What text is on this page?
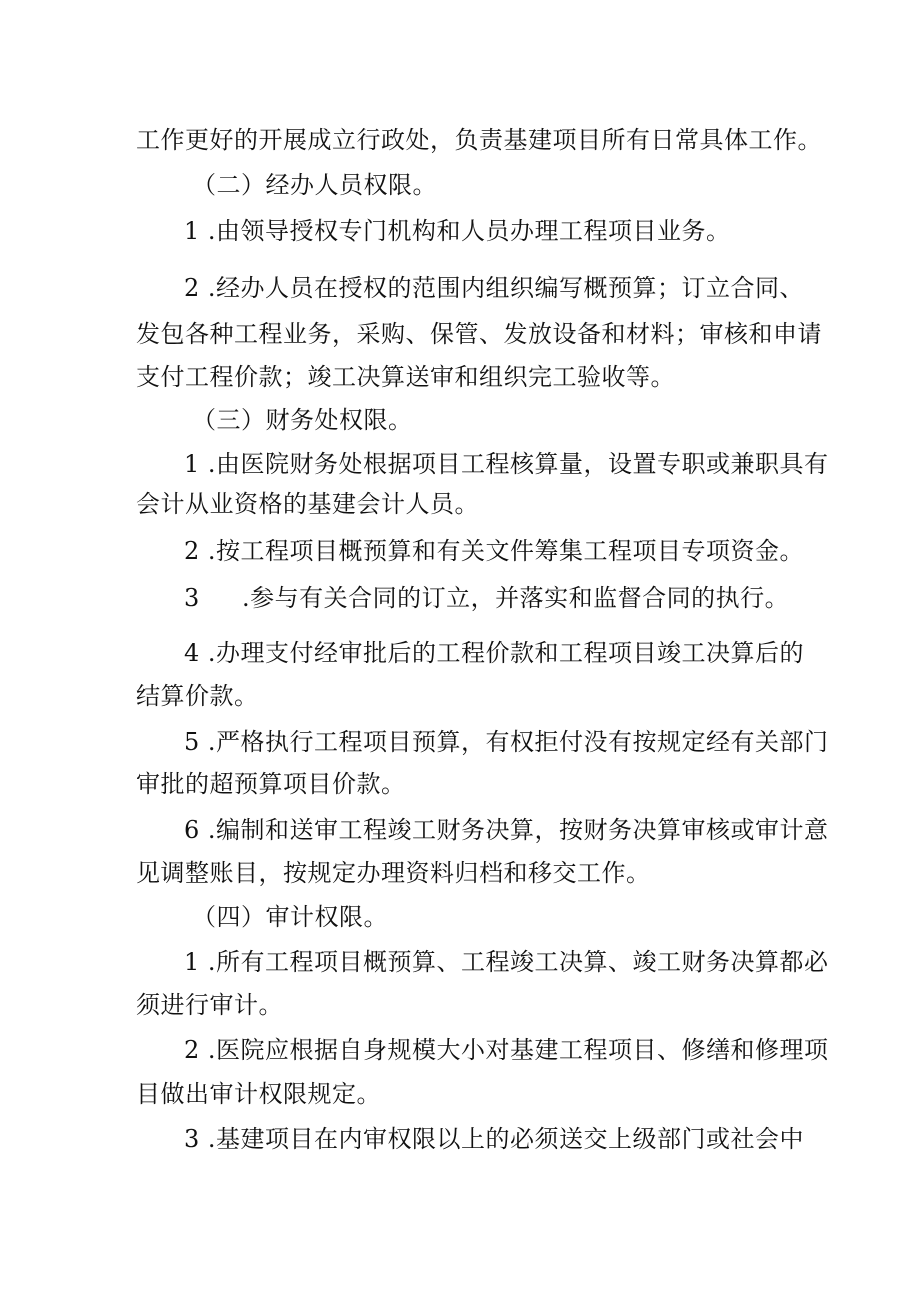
工作更好的开展成立行政处，负责基建项目所有日常具体工作。
（二）经办人员权限。
1 .由领导授权专门机构和人员办理工程项目业务。
2 .经办人员在授权的范围内组织编写概预算；订立合同、
发包各种工程业务，采购、保管、发放设备和材料；审核和申请
支付工程价款；竣工决算送审和组织完工验收等。
（三）财务处权限。
1 .由医院财务处根据项目工程核算量，设置专职或兼职具有
会计从业资格的基建会计人员。
2 .按工程项目概预算和有关文件筹集工程项目专项资金。
3 .参与有关合同的订立，并落实和监督合同的执行。
4 .办理支付经审批后的工程价款和工程项目竣工决算后的
结算价款。
5 .严格执行工程项目预算，有权拒付没有按规定经有关部门
审批的超预算项目价款。
6 .编制和送审工程竣工财务决算，按财务决算审核或审计意
见调整账目，按规定办理资料归档和移交工作。
（四）审计权限。
1 .所有工程项目概预算、工程竣工决算、竣工财务决算都必
须进行审计。
2 .医院应根据自身规模大小对基建工程项目、修缮和修理项
目做出审计权限规定。
3 .基建项目在内审权限以上的必须送交上级部门或社会中
